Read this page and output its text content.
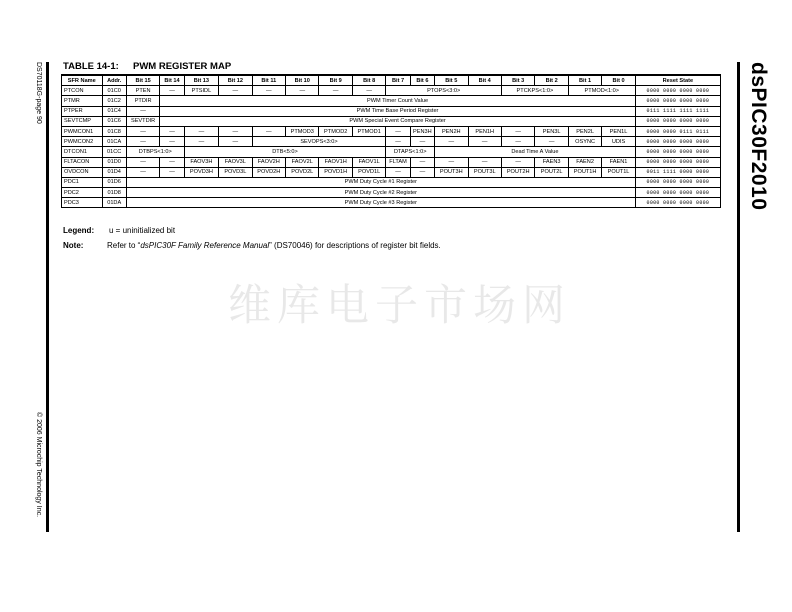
DS70118G-page 90
© 2006 Microchip Technology Inc.
dsPIC30F2010
TABLE 14-1: PWM REGISTER MAP
SFR Name	Addr.	Bit 15	Bit 14	Bit 13	Bit 12	Bit 11	Bit 10	Bit 9	Bit 8	Bit 7	Bit 6	Bit 5	Bit 4	Bit 3	Bit 2	Bit 1	Bit 0	Reset State
PTCON	01C0	PTEN	—	PTSIDL	—	—	—	—	—	PTOPS<3:0>				PTCKPS<1:0>		PTMOD<1:0>		0000 0000 0000 0000
PTMR	01C2	PTDIR	PWM Timer Count Value															0000 0000 0000 0000
PTPER	01C4	—	PWM Time Base Period Register															0111 1111 1111 1111
SEVTCMP	01C6	SEVTDIR	PWM Special Event Compare Register															0000 0000 0000 0000
PWMCON1	01C8	—	—	—	—	—	PTMOD3	PTMOD2	PTMOD1	—	PEN3H	PEN2H	PEN1H	—	PEN3L	PEN2L	PEN1L	0000 0000 0111 0111
PWMCON2	01CA	—	—	—	—	SEVOPS<3:0>				—	—	—	—	—	—	OSYNC	UDIS	0000 0000 0000 0000
DTCON1	01CC	DTBPS<1:0>		DTB<5:0>						DTAPS<1:0>		Dead Time A Value						0000 0000 0000 0000
FLTACON	01D0	—	—	FAOV3H	FAOV3L	FAOV2H	FAOV2L	FAOV1H	FAOV1L	FLTAM	—	—	—	—	FAEN3	FAEN2	FAEN1	0000 0000 0000 0000
OVDCON	01D4	—	—	POVD3H	POVD3L	POVD2H	POVD2L	POVD1H	POVD1L	—	—	POUT3H	POUT3L	POUT2H	POUT2L	POUT1H	POUT1L	0011 1111 0000 0000
PDC1	01D6	PWM Duty Cycle #1 Register																0000 0000 0000 0000
PDC2	01D8	PWM Duty Cycle #2 Register																0000 0000 0000 0000
PDC3	01DA	PWM Duty Cycle #3 Register																0000 0000 0000 0000
Legend: u = uninitialized bit
Note:	Refer to “dsPIC30F Family Reference Manual” (DS70046) for descriptions of register bit fields.
维库电子市场网
